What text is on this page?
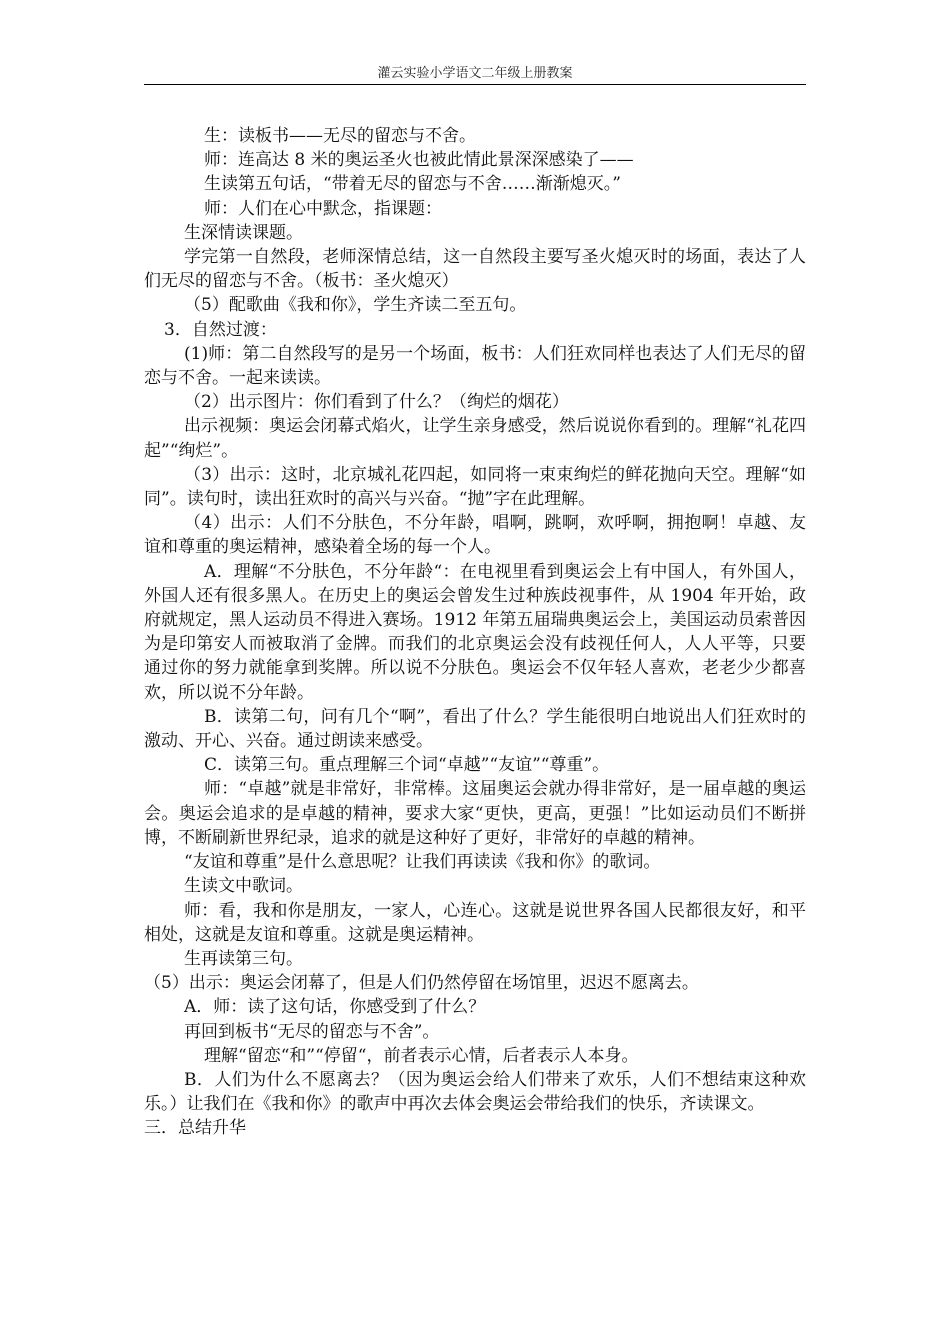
灌云实验小学语文二年级上册教案

生：读板书——无尽的留恋与不舍。

师：连高达 8 米的奥运圣火也被此情此景深深感染了——

生读第五句话，“带着无尽的留恋与不舍……渐渐熄灭。”

师：人们在心中默念，指课题：

生深情读课题。

学完第一自然段，老师深情总结，这一自然段主要写圣火熄灭时的场面，表达了人们无尽的留恋与不舍。（板书：圣火熄灭）

（5）配歌曲《我和你》，学生齐读二至五句。

3．自然过渡：

(1)师：第二自然段写的是另一个场面，板书：人们狂欢同样也表达了人们无尽的留恋与不舍。一起来读读。

（2）出示图片：你们看到了什么？（绚烂的烟花）

出示视频：奥运会闭幕式焰火，让学生亲身感受，然后说说你看到的。理解“礼花四起”“绚烂”。

（3）出示：这时，北京城礼花四起，如同将一束束绚烂的鲜花抛向天空。理解“如同”。读句时，读出狂欢时的高兴与兴奋。“抛”字在此理解。

（4）出示：人们不分肤色，不分年龄，唱啊，跳啊，欢呼啊，拥抱啊！卓越、友谊和尊重的奥运精神，感染着全场的每一个人。

A．理解“不分肤色，不分年龄“：在电视里看到奥运会上有中国人，有外国人，外国人还有很多黑人。在历史上的奥运会曾发生过种族歧视事件，从 1904 年开始，政府就规定，黑人运动员不得进入赛场。1912 年第五届瑞典奥运会上，美国运动员索普因为是印第安人而被取消了金牌。而我们的北京奥运会没有歧视任何人，人人平等，只要通过你的努力就能拿到奖牌。所以说不分肤色。奥运会不仅年轻人喜欢，老老少少都喜欢，所以说不分年龄。

B．读第二句，问有几个“啊”，看出了什么？学生能很明白地说出人们狂欢时的激动、开心、兴奋。通过朗读来感受。

C．读第三句。重点理解三个词“卓越”“友谊”“尊重”。

师：“卓越”就是非常好，非常棒。这届奥运会就办得非常好，是一届卓越的奥运会。奥运会追求的是卓越的精神，要求大家“更快，更高，更强！”比如运动员们不断拼博，不断刷新世界纪录，追求的就是这种好了更好，非常好的卓越的精神。

“友谊和尊重”是什么意思呢？让我们再读读《我和你》的歌词。

生读文中歌词。

师：看，我和你是朋友，一家人，心连心。这就是说世界各国人民都很友好，和平相处，这就是友谊和尊重。这就是奥运精神。

生再读第三句。

（5）出示：奥运会闭幕了，但是人们仍然停留在场馆里，迟迟不愿离去。

A．师：读了这句话，你感受到了什么？

再回到板书“无尽的留恋与不舍”。

理解“留恋“和”“停留“，前者表示心情，后者表示人本身。

B．人们为什么不愿离去？（因为奥运会给人们带来了欢乐，人们不想结束这种欢乐。）让我们在《我和你》的歌声中再次去体会奥运会带给我们的快乐，齐读课文。

三．总结升华
